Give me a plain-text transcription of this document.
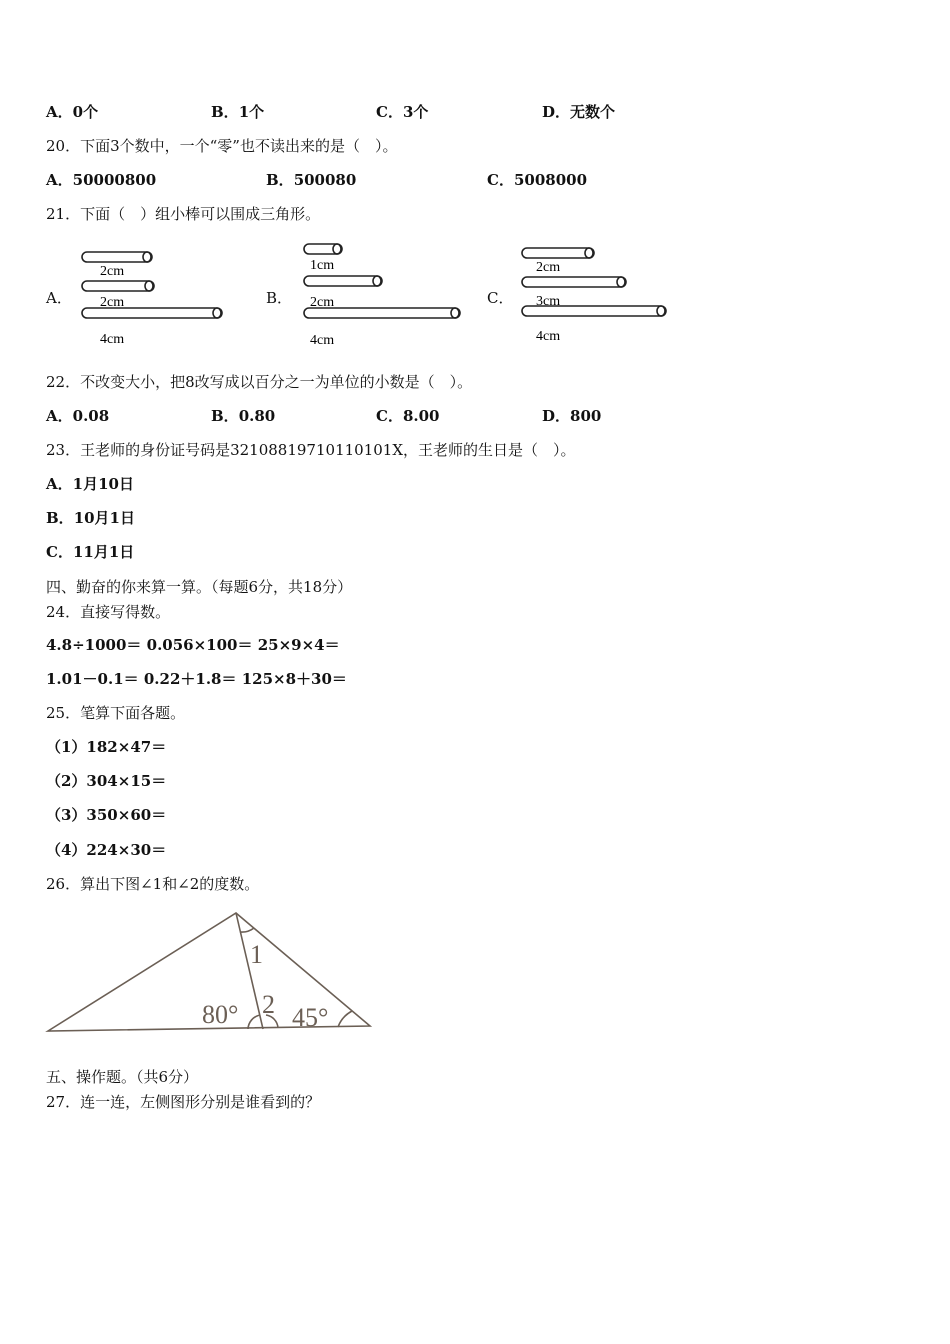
A．0个	B．1个	C．3个	D．无数个
20．下面3个数中，一个“零”也不读出来的是（　）。
A．50000800	B．500080	C．5008000
21．下面（　）组小棒可以围成三角形。
A．
2cm
2cm
4cm
B．
1cm
2cm
4cm
C．
2cm
3cm
4cm
22．不改变大小，把8改写成以百分之一为单位的小数是（　）。
A．0.08	B．0.80	C．8.00	D．800
23．王老师的身份证号码是32108819710110101X，王老师的生日是（　）。
A．1月10日
B．10月1日
C．11月1日
四、勤奋的你来算一算。（每题6分，共18分）
24．直接写得数。
4.8÷1000＝ 0.056×100＝ 25×9×4＝
1.01－0.1＝ 0.22＋1.8＝ 125×8＋30＝
25．笔算下面各题。
（1）182×47＝
（2）304×15＝
（3）350×60＝
（4）224×30＝
26．算出下图∠1和∠2的度数。
1
2
80° 45°
五、操作题。（共6分）
27．连一连，左侧图形分别是谁看到的？
